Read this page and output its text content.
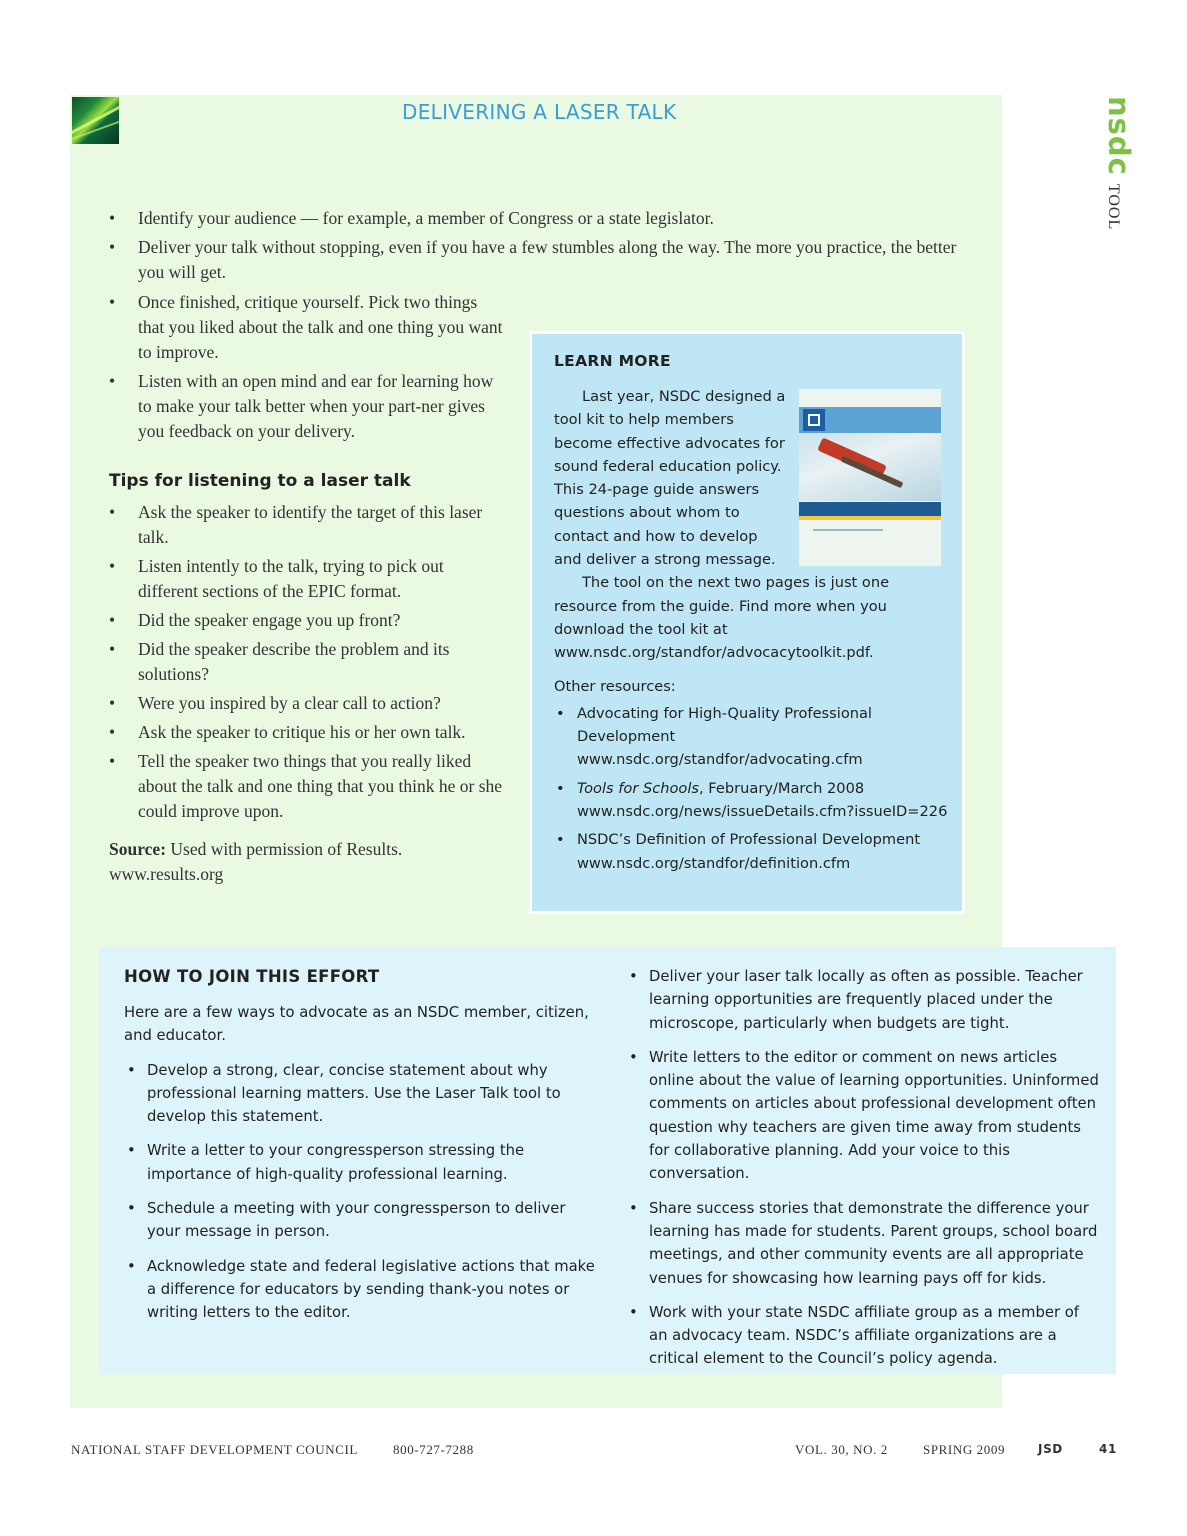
DELIVERING A LASER TALK	nsdcTOOL
• Identify your audience — for example, a member of Congress or a state legislator.
• Deliver your talk without stopping, even if you have a few stumbles along the way. The more you practice, the better you will get.
• Once finished, critique yourself. Pick two things that you liked about the talk and one thing you want to improve.
• Listen with an open mind and ear for learning how to make your talk better when your part-ner gives you feedback on your delivery.
Tips for listening to a laser talk
• Ask the speaker to identify the target of this laser talk.
• Listen intently to the talk, trying to pick out different sections of the EPIC format.
• Did the speaker engage you up front?
• Did the speaker describe the problem and its solutions?
• Were you inspired by a clear call to action?
• Ask the speaker to critique his or her own talk.
• Tell the speaker two things that you really liked about the talk and one thing that you think he or she could improve upon.

Source: Used with permission of Results.
www.results.org

LEARN MORE

Last year, NSDC designed a tool kit to help members become effective advocates for sound federal education policy. This 24-page guide answers questions about whom to contact and how to develop and deliver a strong message.

The tool on the next two pages is just one resource from the guide. Find more when you download the tool kit at www.nsdc.org/standfor/advocacytoolkit.pdf.

Other resources:

• Advocating for High-Quality Professional Development
www.nsdc.org/standfor/advocating.cfm
• Tools for Schools, February/March 2008
www.nsdc.org/news/issueDetails.cfm?issueID=226
• NSDC’s Definition of Professional Development
www.nsdc.org/standfor/definition.cfm
HOW TO JOIN THIS EFFORT

Here are a few ways to advocate as an NSDC member, citizen, and educator.

• Develop a strong, clear, concise statement about why professional learning matters. Use the Laser Talk tool to develop this statement.
• Write a letter to your congressperson stressing the importance of high-quality professional learning.
• Schedule a meeting with your congressperson to deliver your message in person.
• Acknowledge state and federal legislative actions that make a difference for educators by sending thank-you notes or writing letters to the editor.
• Deliver your laser talk locally as often as possible. Teacher learning opportunities are frequently placed under the microscope, particularly when budgets are tight.
• Write letters to the editor or comment on news articles online about the value of learning opportunities. Uninformed comments on articles about professional development often question why teachers are given time away from students for collaborative planning. Add your voice to this conversation.
• Share success stories that demonstrate the difference your learning has made for students. Parent groups, school board meetings, and other community events are all appropriate venues for showcasing how learning pays off for kids.
• Work with your state NSDC affiliate group as a member of an advocacy team. NSDC’s affiliate organizations are a critical element to the Council’s policy agenda.
NATIONAL STAFF DEVELOPMENT COUNCIL	800-727-7288	VOL. 30, NO. 2	SPRING 2009	JSD	41
